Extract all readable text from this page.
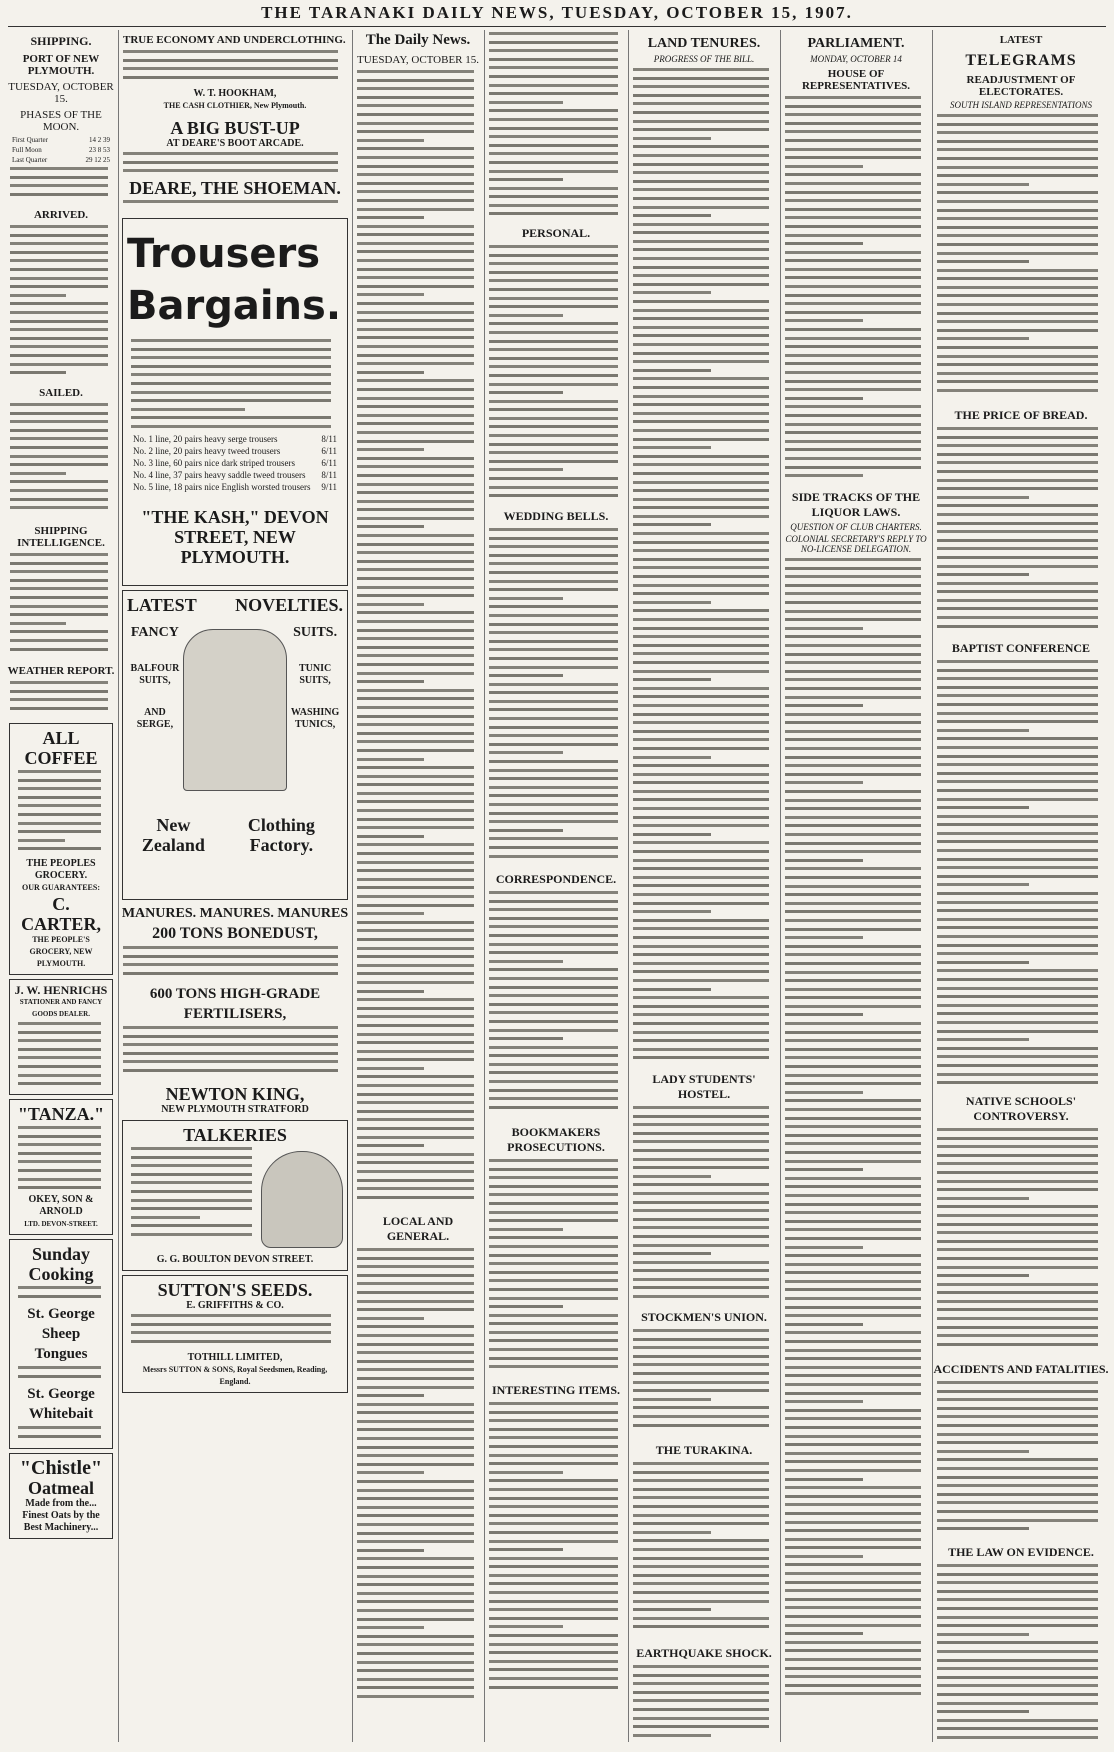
THE TARANAKI DAILY NEWS, TUESDAY, OCTOBER 15, 1907.
SHIPPING.
PORT OF NEW PLYMOUTH.
TUESDAY, OCTOBER 15.
PHASES OF THE MOON.
First Quarter	14 2 39
Full Moon	23 8 53
Last Quarter	29 12 25
ARRIVED.
SAILED.
SHIPPING INTELLIGENCE.
WEATHER REPORT.
ALL COFFEE
THE PEOPLES GROCERY.
OUR GUARANTEES:
C. CARTER,
THE PEOPLE'S GROCERY, NEW PLYMOUTH.
J. W. HENRICHS
STATIONER AND FANCY GOODS DEALER.
"TANZA."
OKEY, SON & ARNOLD
LTD. DEVON-STREET.
Sunday Cooking
St. George Sheep Tongues
St. George Whitebait
"Chistle"
Oatmeal
Made from the... Finest Oats by the Best Machinery...
TRUE ECONOMY AND UNDERCLOTHING.
W. T. HOOKHAM,
THE CASH CLOTHIER, New Plymouth.
A BIG BUST-UP
AT DEARE'S BOOT ARCADE.
DEARE, THE SHOEMAN.
Trousers
Bargains.
No. 1 line, 20 pairs heavy serge trousers	8/11
No. 2 line, 20 pairs heavy tweed trousers	6/11
No. 3 line, 60 pairs nice dark striped trousers	6/11
No. 4 line, 37 pairs heavy saddle tweed trousers 8/11
No. 5 line, 18 pairs nice English worsted trousers 9/11
"THE KASH," DEVON STREET, NEW PLYMOUTH.
LATEST NOVELTIES.
FANCY
BALFOUR SUITS,
AND SERGE,
SUITS.
TUNIC SUITS,
WASHING TUNICS,
New Zealand
Clothing Factory.
MANURES. MANURES. MANURES
200 TONS BONEDUST,
600 TONS HIGH-GRADE FERTILISERS,
NEWTON KING,
NEW PLYMOUTH STRATFORD
TALKERIES
G. G. BOULTON DEVON STREET.
SUTTON'S SEEDS.
E. GRIFFITHS & CO.
TOTHILL LIMITED,
Messrs SUTTON & SONS, Royal Seedsmen, Reading, England.
The Daily News.
TUESDAY, OCTOBER 15.
LOCAL AND GENERAL.
PERSONAL.
WEDDING BELLS.
CORRESPONDENCE.
BOOKMAKERS PROSECUTIONS.
INTERESTING ITEMS.
LAND TENURES.
PROGRESS OF THE BILL.
LADY STUDENTS' HOSTEL.
STOCKMEN'S UNION.
THE TURAKINA.
EARTHQUAKE SHOCK.
PARLIAMENT.
MONDAY, OCTOBER 14
HOUSE OF REPRESENTATIVES.
SIDE TRACKS OF THE LIQUOR LAWS.
QUESTION OF CLUB CHARTERS.
COLONIAL SECRETARY'S REPLY TO NO-LICENSE DELEGATION.
LATEST
TELEGRAMS
READJUSTMENT OF ELECTORATES.
SOUTH ISLAND REPRESENTATIONS
THE PRICE OF BREAD.
BAPTIST CONFERENCE
NATIVE SCHOOLS' CONTROVERSY.
ACCIDENTS AND FATALITIES.
THE LAW ON EVIDENCE.
